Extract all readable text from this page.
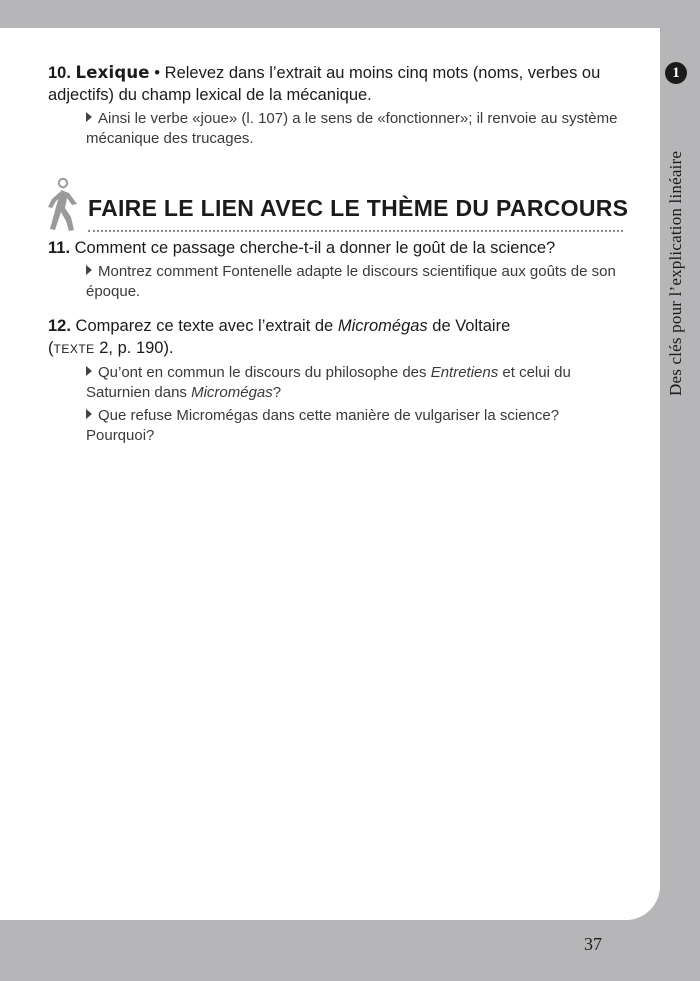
10. Lexique • Relevez dans l’extrait au moins cinq mots (noms, verbes ou adjectifs) du champ lexical de la mécanique.

Ainsi le verbe «joue» (l. 107) a le sens de «fonctionner»; il renvoie au système mécanique des trucages.

FAIRE LE LIEN AVEC LE THÈME DU PARCOURS

11. Comment ce passage cherche-t-il a donner le goût de la science?

Montrez comment Fontenelle adapte le discours scientifique aux goûts de son époque.

12. Comparez ce texte avec l’extrait de Micromégas de Voltaire
(TEXTE 2, p. 190).

Qu’ont en commun le discours du philosophe des Entretiens et celui du Saturnien dans Micromégas?

Que refuse Micromégas dans cette manière de vulgariser la science? Pourquoi?

1
Des clés pour l’explication linéaire
37
